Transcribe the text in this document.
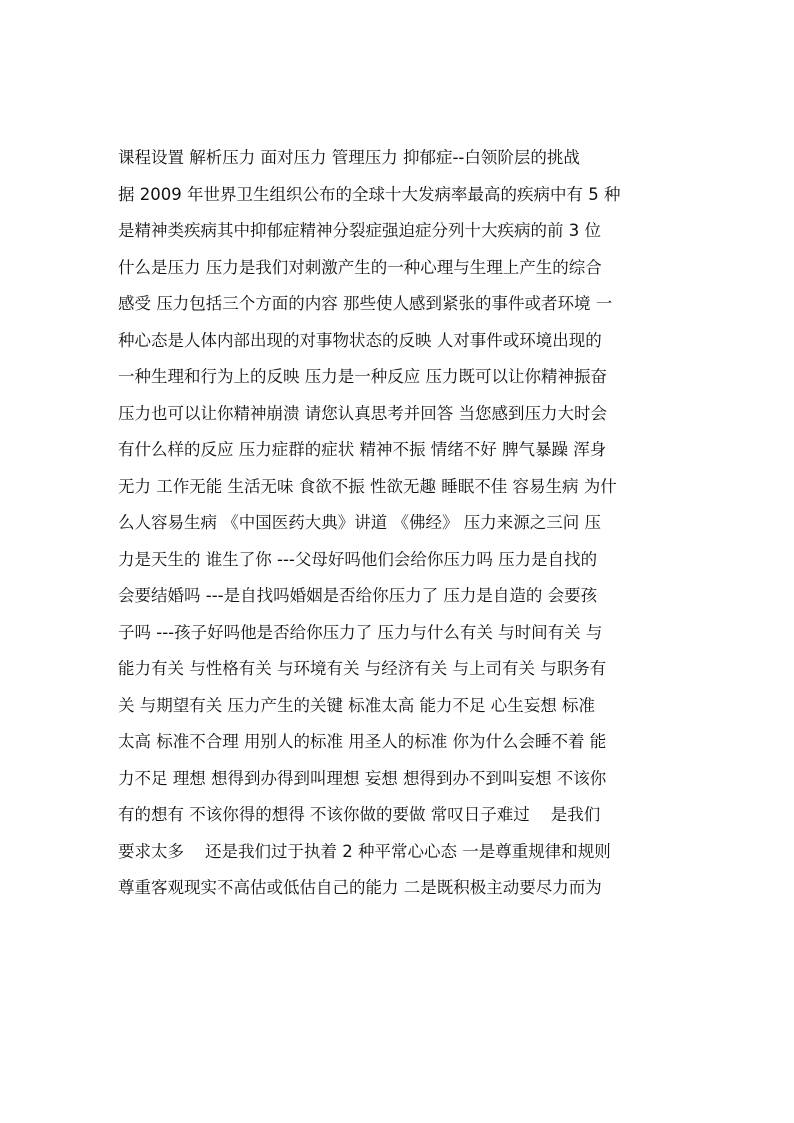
课程设置 解析压力 面对压力 管理压力 抑郁症--白领阶层的挑战
据 2009 年世界卫生组织公布的全球十大发病率最高的疾病中有 5 种
是精神类疾病其中抑郁症精神分裂症强迫症分列十大疾病的前 3 位
什么是压力 压力是我们对刺激产生的一种心理与生理上产生的综合
感受 压力包括三个方面的内容 那些使人感到紧张的事件或者环境 一
种心态是人体内部出现的对事物状态的反映 人对事件或环境出现的
一种生理和行为上的反映 压力是一种反应 压力既可以让你精神振奋
压力也可以让你精神崩溃 请您认真思考并回答 当您感到压力大时会
有什么样的反应 压力症群的症状 精神不振 情绪不好 脾气暴躁 浑身
无力 工作无能 生活无味 食欲不振 性欲无趣 睡眠不佳 容易生病 为什
么人容易生病 《中国医药大典》讲道 《佛经》 压力来源之三问 压
力是天生的 谁生了你 ---父母好吗他们会给你压力吗 压力是自找的
会要结婚吗 ---是自找吗婚姻是否给你压力了 压力是自造的 会要孩
子吗 ---孩子好吗他是否给你压力了 压力与什么有关 与时间有关 与
能力有关 与性格有关 与环境有关 与经济有关 与上司有关 与职务有
关 与期望有关 压力产生的关键 标准太高 能力不足 心生妄想 标准
太高 标准不合理 用别人的标准 用圣人的标准 你为什么会睡不着 能
力不足 理想 想得到办得到叫理想 妄想 想得到办不到叫妄想 不该你
有的想有 不该你得的想得 不该你做的要做 常叹日子难过    是我们
要求太多    还是我们过于执着 2 种平常心心态 一是尊重规律和规则
尊重客观现实不高估或低估自己的能力 二是既积极主动要尽力而为
